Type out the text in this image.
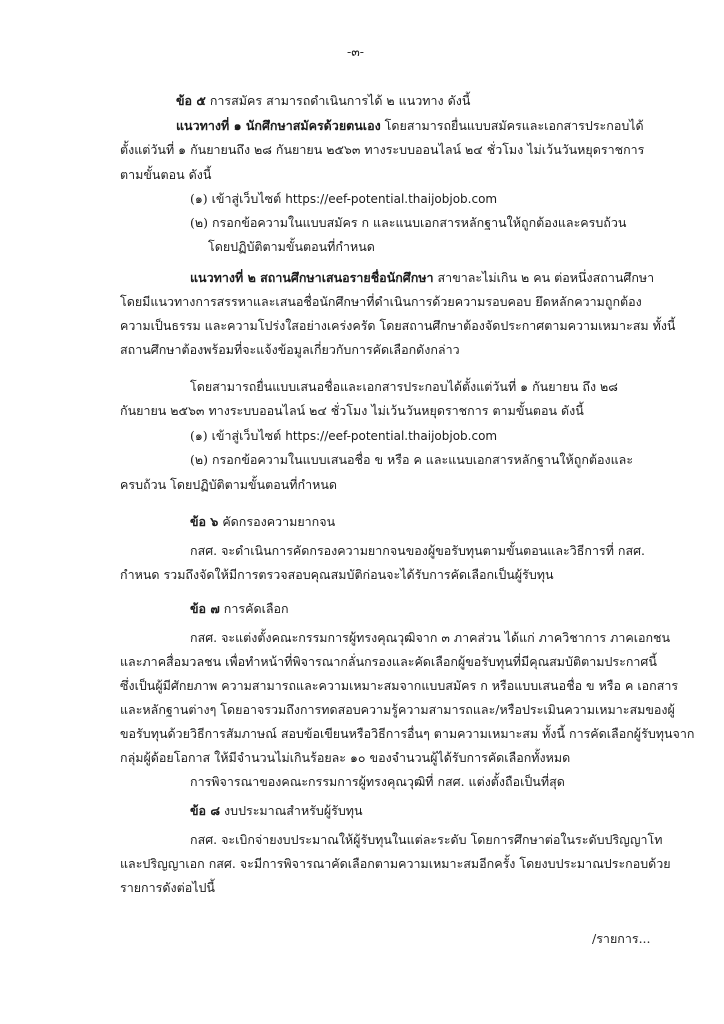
-๓-
ข้อ ๕ การสมัคร สามารถดำเนินการได้ ๒ แนวทาง ดังนี้
แนวทางที่ ๑ นักศึกษาสมัครด้วยตนเอง โดยสามารถยื่นแบบสมัครและเอกสารประกอบได้
ตั้งแต่วันที่ ๑ กันยายนถึง ๒๘ กันยายน ๒๕๖๓ ทางระบบออนไลน์ ๒๔ ชั่วโมง ไม่เว้นวันหยุดราชการ
ตามขั้นตอน ดังนี้
(๑) เข้าสู่เว็บไซต์ https://eef-potential.thaijobjob.com
(๒) กรอกข้อความในแบบสมัคร ก และแนบเอกสารหลักฐานให้ถูกต้องและครบถ้วน
โดยปฏิบัติตามขั้นตอนที่กำหนด
แนวทางที่ ๒ สถานศึกษาเสนอรายชื่อนักศึกษา สาขาละไม่เกิน ๒ คน ต่อหนึ่งสถานศึกษา
โดยมีแนวทางการสรรหาและเสนอชื่อนักศึกษาที่ดำเนินการด้วยความรอบคอบ ยึดหลักความถูกต้อง
ความเป็นธรรม และความโปร่งใสอย่างเคร่งครัด โดยสถานศึกษาต้องจัดประกาศตามความเหมาะสม ทั้งนี้
สถานศึกษาต้องพร้อมที่จะแจ้งข้อมูลเกี่ยวกับการคัดเลือกดังกล่าว
โดยสามารถยื่นแบบเสนอชื่อและเอกสารประกอบได้ตั้งแต่วันที่ ๑ กันยายน ถึง ๒๘
กันยายน ๒๕๖๓ ทางระบบออนไลน์ ๒๔ ชั่วโมง ไม่เว้นวันหยุดราชการ ตามขั้นตอน ดังนี้
(๑) เข้าสู่เว็บไซต์ https://eef-potential.thaijobjob.com
(๒) กรอกข้อความในแบบเสนอชื่อ ข หรือ ค และแนบเอกสารหลักฐานให้ถูกต้องและ
ครบถ้วน โดยปฏิบัติตามขั้นตอนที่กำหนด
ข้อ ๖ คัดกรองความยากจน
กสศ. จะดำเนินการคัดกรองความยากจนของผู้ขอรับทุนตามขั้นตอนและวิธีการที่ กสศ.
กำหนด รวมถึงจัดให้มีการตรวจสอบคุณสมบัติก่อนจะได้รับการคัดเลือกเป็นผู้รับทุน
ข้อ ๗ การคัดเลือก
กสศ. จะแต่งตั้งคณะกรรมการผู้ทรงคุณวุฒิจาก ๓ ภาคส่วน ได้แก่ ภาควิชาการ ภาคเอกชน
และภาคสื่อมวลชน เพื่อทำหน้าที่พิจารณากลั่นกรองและคัดเลือกผู้ขอรับทุนที่มีคุณสมบัติตามประกาศนี้
ซึ่งเป็นผู้มีศักยภาพ ความสามารถและความเหมาะสมจากแบบสมัคร ก หรือแบบเสนอชื่อ ข หรือ ค เอกสาร
และหลักฐานต่างๆ โดยอาจรวมถึงการทดสอบความรู้ความสามารถและ/หรือประเมินความเหมาะสมของผู้
ขอรับทุนด้วยวิธีการสัมภาษณ์ สอบข้อเขียนหรือวิธีการอื่นๆ ตามความเหมาะสม ทั้งนี้ การคัดเลือกผู้รับทุนจาก
กลุ่มผู้ด้อยโอกาส ให้มีจำนวนไม่เกินร้อยละ ๑๐ ของจำนวนผู้ได้รับการคัดเลือกทั้งหมด
การพิจารณาของคณะกรรมการผู้ทรงคุณวุฒิที่ กสศ. แต่งตั้งถือเป็นที่สุด
ข้อ ๘ งบประมาณสำหรับผู้รับทุน
กสศ. จะเบิกจ่ายงบประมาณให้ผู้รับทุนในแต่ละระดับ โดยการศึกษาต่อในระดับปริญญาโท
และปริญญาเอก กสศ. จะมีการพิจารณาคัดเลือกตามความเหมาะสมอีกครั้ง โดยงบประมาณประกอบด้วย
รายการดังต่อไปนี้
/รายการ...
